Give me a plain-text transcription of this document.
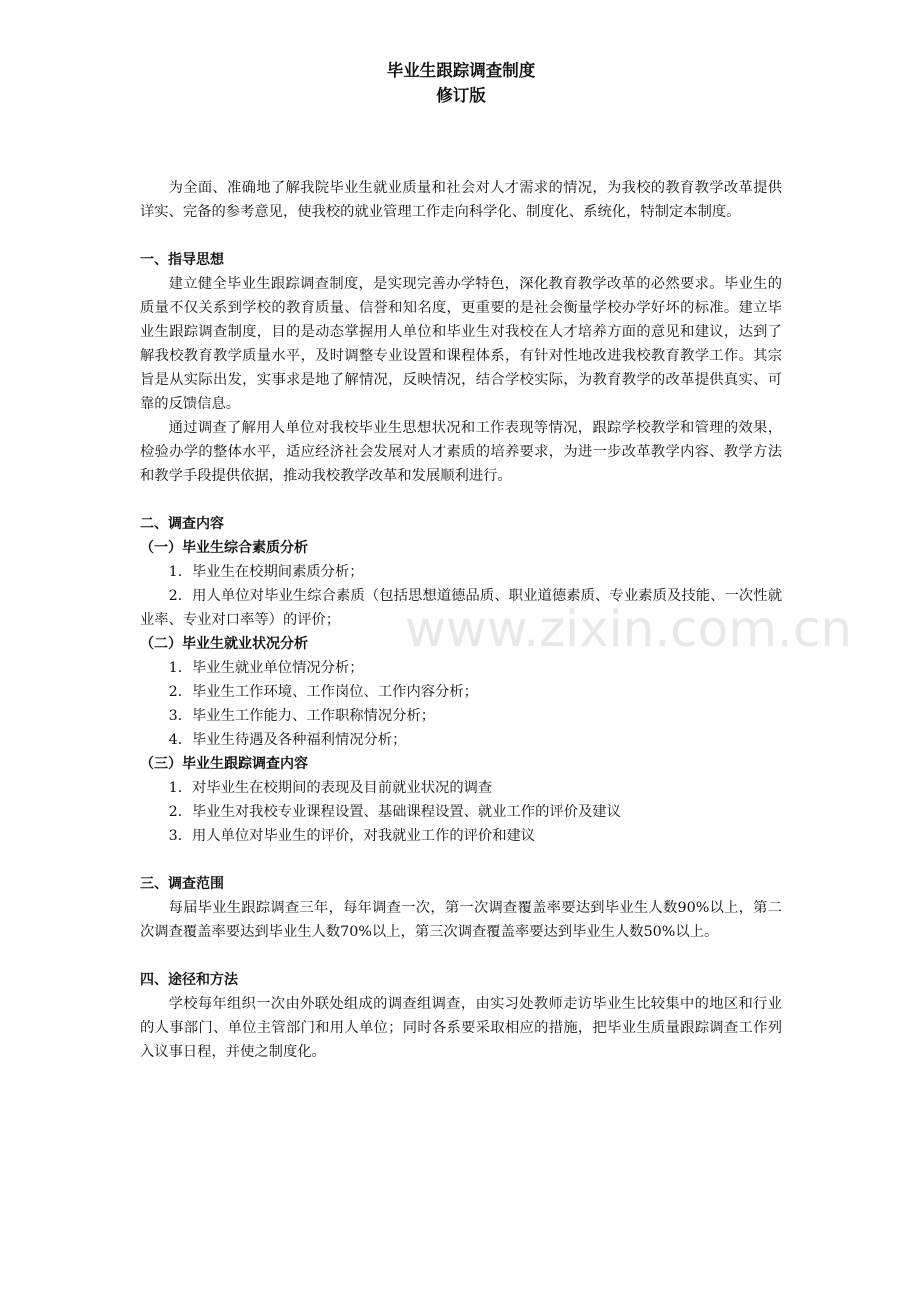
毕业生跟踪调查制度
修订版

为全面、准确地了解我院毕业生就业质量和社会对人才需求的情况，为我校的教育教学改革提供详实、完备的参考意见，使我校的就业管理工作走向科学化、制度化、系统化，特制定本制度。

一、指导思想

建立健全毕业生跟踪调查制度，是实现完善办学特色，深化教育教学改革的必然要求。毕业生的质量不仅关系到学校的教育质量、信誉和知名度，更重要的是社会衡量学校办学好坏的标准。建立毕业生跟踪调查制度，目的是动态掌握用人单位和毕业生对我校在人才培养方面的意见和建议，达到了解我校教育教学质量水平，及时调整专业设置和课程体系，有针对性地改进我校教育教学工作。其宗旨是从实际出发，实事求是地了解情况，反映情况，结合学校实际，为教育教学的改革提供真实、可靠的反馈信息。

通过调查了解用人单位对我校毕业生思想状况和工作表现等情况，跟踪学校教学和管理的效果，检验办学的整体水平，适应经济社会发展对人才素质的培养要求，为进一步改革教学内容、教学方法和教学手段提供依据，推动我校教学改革和发展顺利进行。

二、调查内容
（一）毕业生综合素质分析

1．毕业生在校期间素质分析；

2．用人单位对毕业生综合素质（包括思想道德品质、职业道德素质、专业素质及技能、一次性就业率、专业对口率等）的评价；

（二）毕业生就业状况分析

1．毕业生就业单位情况分析；

2．毕业生工作环境、工作岗位、工作内容分析；

3．毕业生工作能力、工作职称情况分析；

4．毕业生待遇及各种福利情况分析；

（三）毕业生跟踪调查内容

1．对毕业生在校期间的表现及目前就业状况的调查

2．毕业生对我校专业课程设置、基础课程设置、就业工作的评价及建议

3．用人单位对毕业生的评价，对我就业工作的评价和建议

三、调查范围

每届毕业生跟踪调查三年，每年调查一次，第一次调查覆盖率要达到毕业生人数90%以上，第二次调查覆盖率要达到毕业生人数70%以上，第三次调查覆盖率要达到毕业生人数50%以上。

四、途径和方法

学校每年组织一次由外联处组成的调查组调查，由实习处教师走访毕业生比较集中的地区和行业的人事部门、单位主管部门和用人单位；同时各系要采取相应的措施，把毕业生质量跟踪调查工作列入议事日程，并使之制度化。

www.zixin.com.cn
